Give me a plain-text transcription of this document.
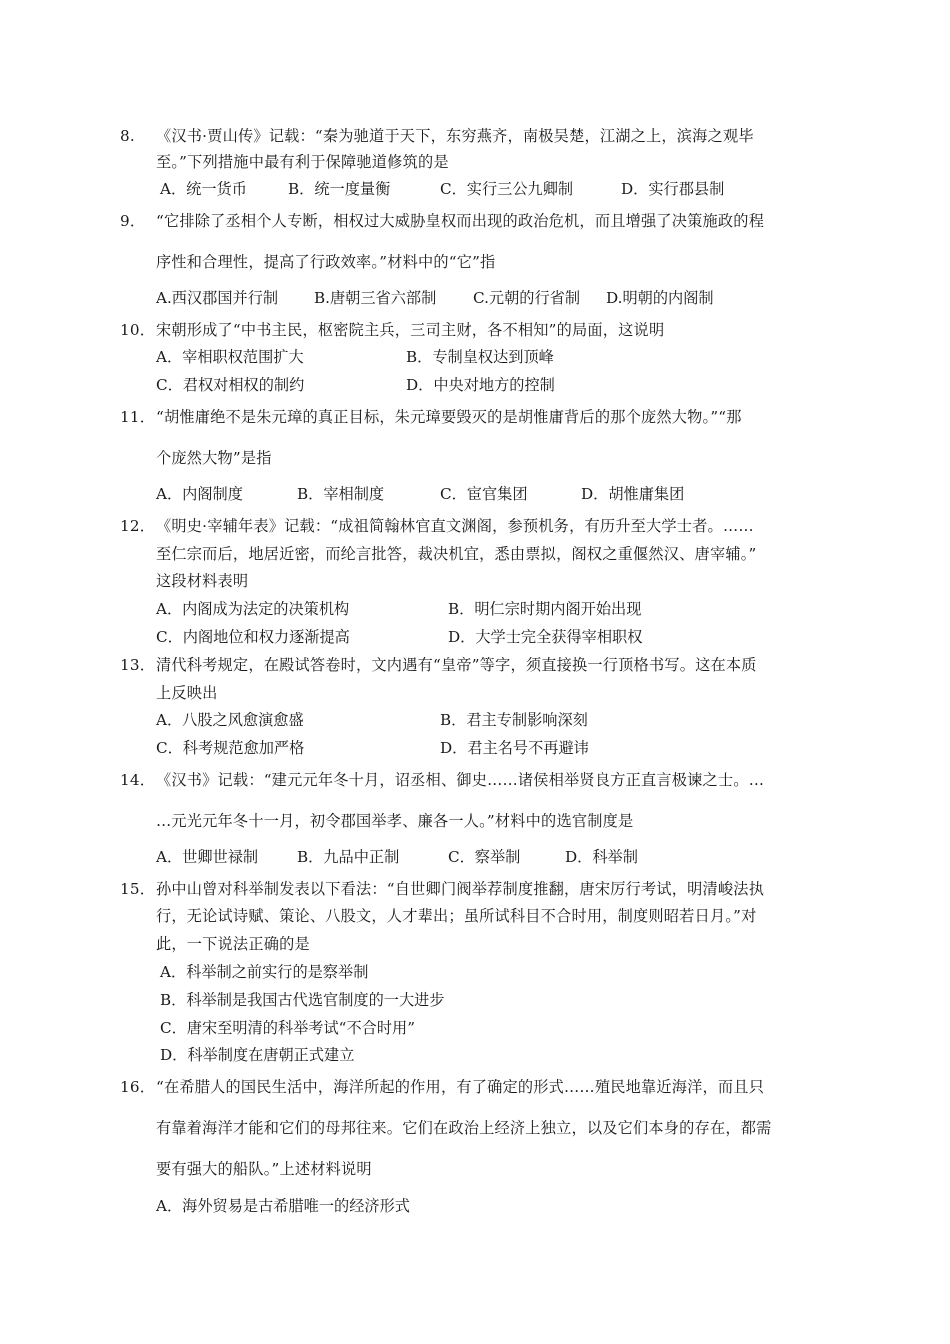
8. 《汉书·贾山传》记载：“秦为驰道于天下，东穷燕齐，南极吴楚，江湖之上，滨海之观毕
至。”下列措施中最有利于保障驰道修筑的是
A．统一货币	B．统一度量衡	C．实行三公九卿制	D．实行郡县制
9． “它排除了丞相个人专断，相权过大威胁皇权而出现的政治危机，而且增强了决策施政的程
序性和合理性，提高了行政效率。”材料中的“它”指
A.西汉郡国并行制 B.唐朝三省六部制 C.元朝的行省制 D.明朝的内阁制
10． 宋朝形成了“中书主民，枢密院主兵，三司主财，各不相知”的局面，这说明
A．宰相职权范围扩大	B．专制皇权达到顶峰
C．君权对相权的制约	D．中央对地方的控制
11． “胡惟庸绝不是朱元璋的真正目标，朱元璋要毁灭的是胡惟庸背后的那个庞然大物。”“那
个庞然大物”是指
A．内阁制度	B．宰相制度	C．宦官集团	D．胡惟庸集团
12． 《明史·宰辅年表》记载：“成祖简翰林官直文渊阁，参预机务，有历升至大学士者。……
至仁宗而后，地居近密，而纶言批答，裁决机宜，悉由票拟，阁权之重偃然汉、唐宰辅。”
这段材料表明
A．内阁成为法定的决策机构	B．明仁宗时期内阁开始出现
C．内阁地位和权力逐渐提高	D．大学士完全获得宰相职权
13． 清代科考规定，在殿试答卷时，文内遇有“皇帝”等字，须直接换一行顶格书写。这在本质
上反映出
A．八股之风愈演愈盛	B．君主专制影响深刻
C．科考规范愈加严格	D．君主名号不再避讳
14． 《汉书》记载：“建元元年冬十月，诏丞相、御史……诸侯相举贤良方正直言极谏之士。…
…元光元年冬十一月，初令郡国举孝、廉各一人。”材料中的选官制度是
A．世卿世禄制	B．九品中正制	C．察举制	D．科举制
15． 孙中山曾对科举制发表以下看法：“自世卿门阀举荐制度推翻，唐宋厉行考试，明清峻法执
行，无论试诗赋、策论、八股文，人才辈出；虽所试科目不合时用，制度则昭若日月。”对
此，一下说法正确的是
A．科举制之前实行的是察举制
B．科举制是我国古代选官制度的一大进步
C．唐宋至明清的科举考试“不合时用”
D．科举制度在唐朝正式建立
16． “在希腊人的国民生活中，海洋所起的作用，有了确定的形式……殖民地靠近海洋，而且只
有靠着海洋才能和它们的母邦往来。它们在政治上经济上独立，以及它们本身的存在，都需
要有强大的船队。”上述材料说明
A．海外贸易是古希腊唯一的经济形式
